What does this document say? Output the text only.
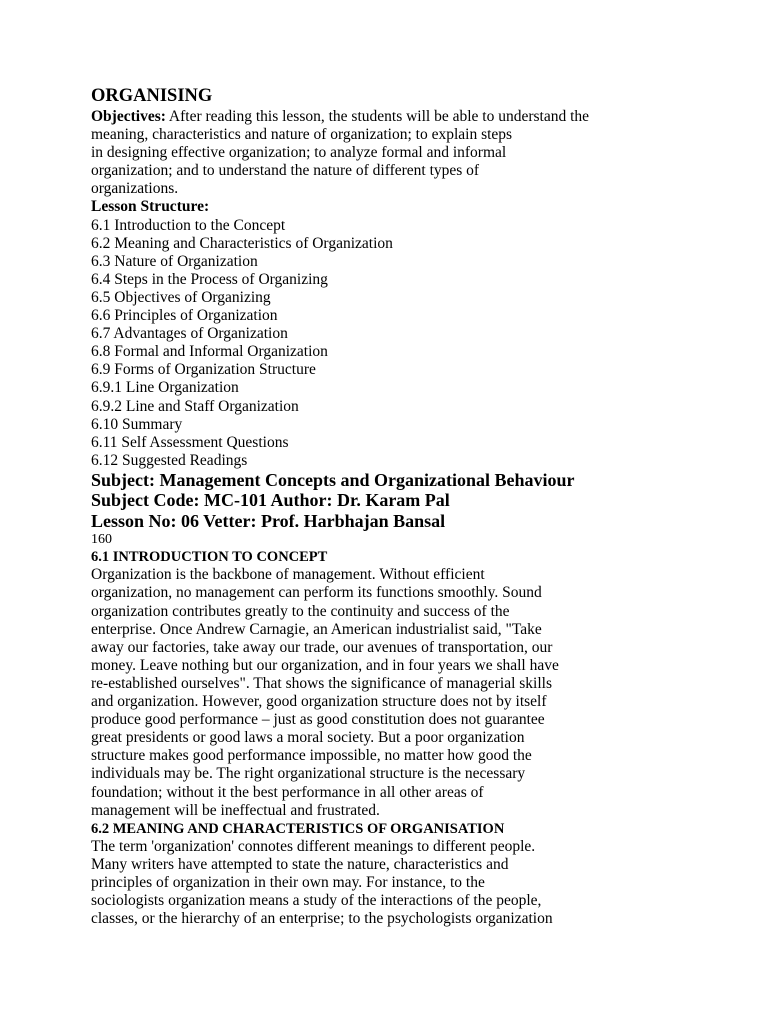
ORGANISING
Objectives: After reading this lesson, the students will be able to understand the
meaning, characteristics and nature of organization; to explain steps
in designing effective organization; to analyze formal and informal
organization; and to understand the nature of different types of
organizations.
Lesson Structure:
6.1 Introduction to the Concept
6.2 Meaning and Characteristics of Organization
6.3 Nature of Organization
6.4 Steps in the Process of Organizing
6.5 Objectives of Organizing
6.6 Principles of Organization
6.7 Advantages of Organization
6.8 Formal and Informal Organization
6.9 Forms of Organization Structure
6.9.1 Line Organization
6.9.2 Line and Staff Organization
6.10 Summary
6.11 Self Assessment Questions
6.12 Suggested Readings
Subject: Management Concepts and Organizational Behaviour
Subject Code: MC-101 Author: Dr. Karam Pal
Lesson No: 06 Vetter: Prof. Harbhajan Bansal
160
6.1 INTRODUCTION TO CONCEPT
Organization is the backbone of management. Without efficient
organization, no management can perform its functions smoothly. Sound
organization contributes greatly to the continuity and success of the
enterprise. Once Andrew Carnagie, an American industrialist said, "Take
away our factories, take away our trade, our avenues of transportation, our
money. Leave nothing but our organization, and in four years we shall have
re-established ourselves". That shows the significance of managerial skills
and organization. However, good organization structure does not by itself
produce good performance – just as good constitution does not guarantee
great presidents or good laws a moral society. But a poor organization
structure makes good performance impossible, no matter how good the
individuals may be. The right organizational structure is the necessary
foundation; without it the best performance in all other areas of
management will be ineffectual and frustrated.
6.2 MEANING AND CHARACTERISTICS OF ORGANISATION
The term 'organization' connotes different meanings to different people.
Many writers have attempted to state the nature, characteristics and
principles of organization in their own may. For instance, to the
sociologists organization means a study of the interactions of the people,
classes, or the hierarchy of an enterprise; to the psychologists organization
